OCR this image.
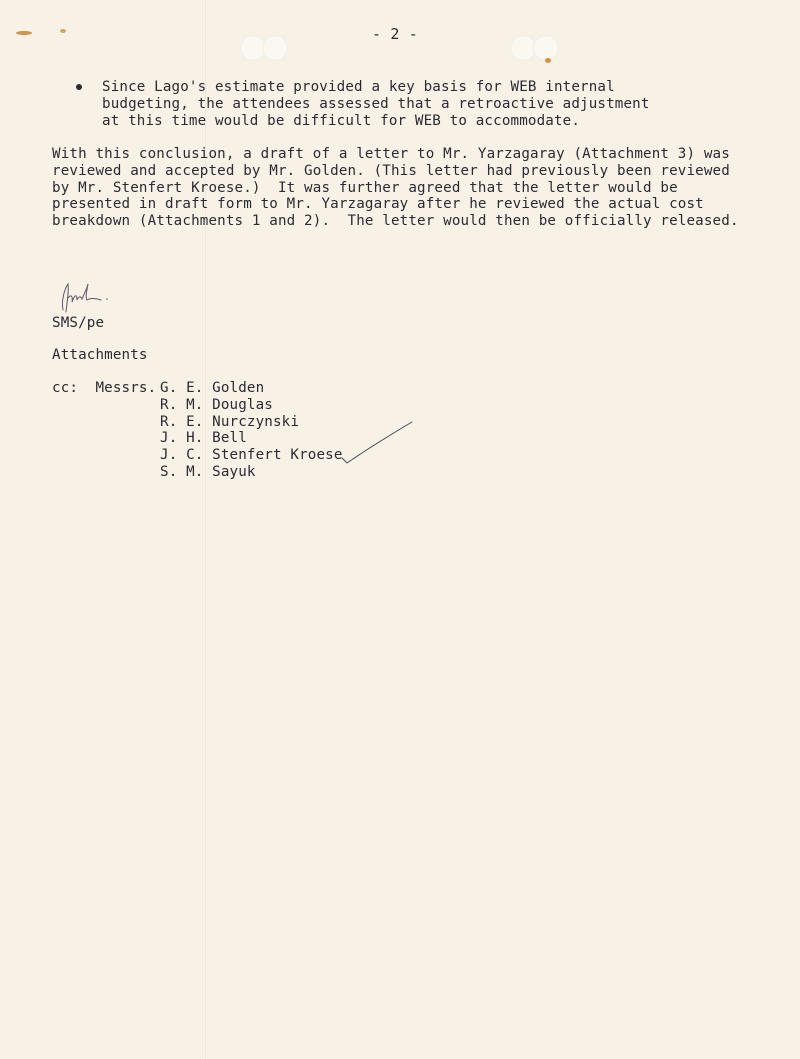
- 2 -
Since Lago's estimate provided a key basis for WEB internal
budgeting, the attendees assessed that a retroactive adjustment
at this time would be difficult for WEB to accommodate.
With this conclusion, a draft of a letter to Mr. Yarzagaray (Attachment 3) was
reviewed and accepted by Mr. Golden. (This letter had previously been reviewed
by Mr. Stenfert Kroese.)  It was further agreed that the letter would be
presented in draft form to Mr. Yarzagaray after he reviewed the actual cost
breakdown (Attachments 1 and 2).  The letter would then be officially released.
SMS/pe
Attachments
cc:  Messrs. G. E. Golden
R. M. Douglas
R. E. Nurczynski
J. H. Bell
J. C. Stenfert Kroese
S. M. Sayuk
